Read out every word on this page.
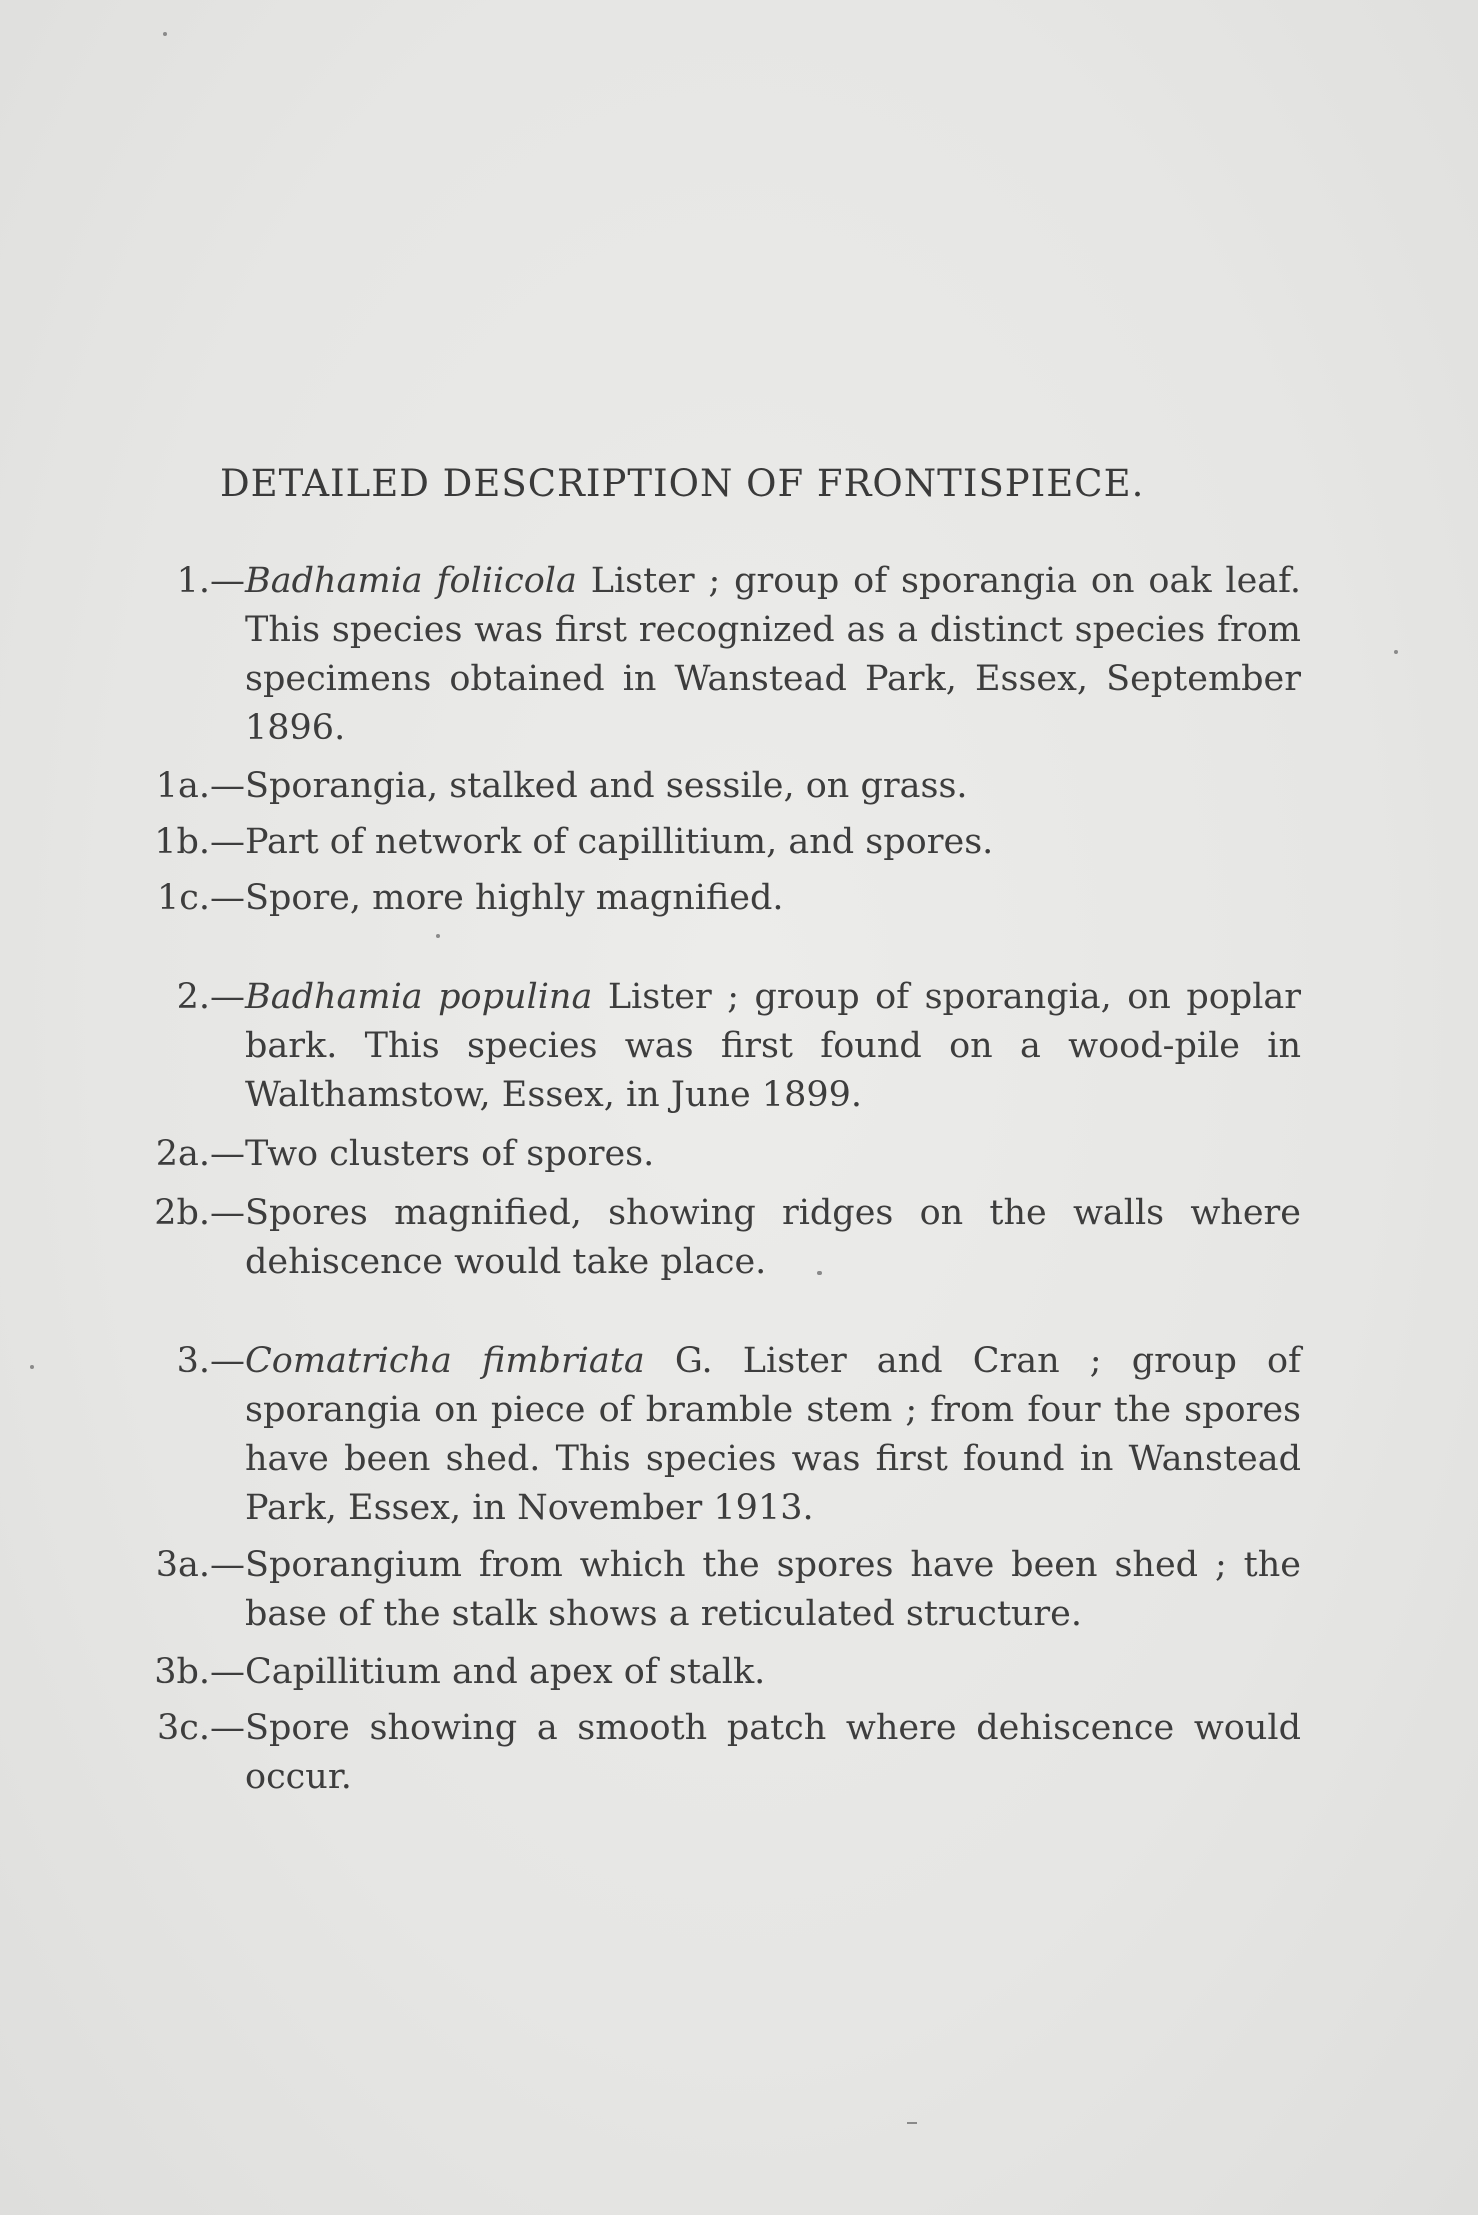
DETAILED DESCRIPTION OF FRONTISPIECE.
1.— Badhamia foliicola Lister ; group of sporangia on oak leaf. This species was first recognized as a distinct species from specimens obtained in Wanstead Park, Essex, September 1896.
1a.— Sporangia, stalked and sessile, on grass.
1b.— Part of network of capillitium, and spores.
1c.— Spore, more highly magnified.
2.— Badhamia populina Lister ; group of sporangia, on poplar bark. This species was first found on a wood-pile in Walthamstow, Essex, in June 1899.
2a.— Two clusters of spores.
2b.— Spores magnified, showing ridges on the walls where dehiscence would take place.
3.— Comatricha fimbriata G. Lister and Cran ; group of sporangia on piece of bramble stem ; from four the spores have been shed. This species was first found in Wanstead Park, Essex, in November 1913.
3a.— Sporangium from which the spores have been shed ; the base of the stalk shows a reticulated structure.
3b.— Capillitium and apex of stalk.
3c.— Spore showing a smooth patch where dehiscence would occur.
